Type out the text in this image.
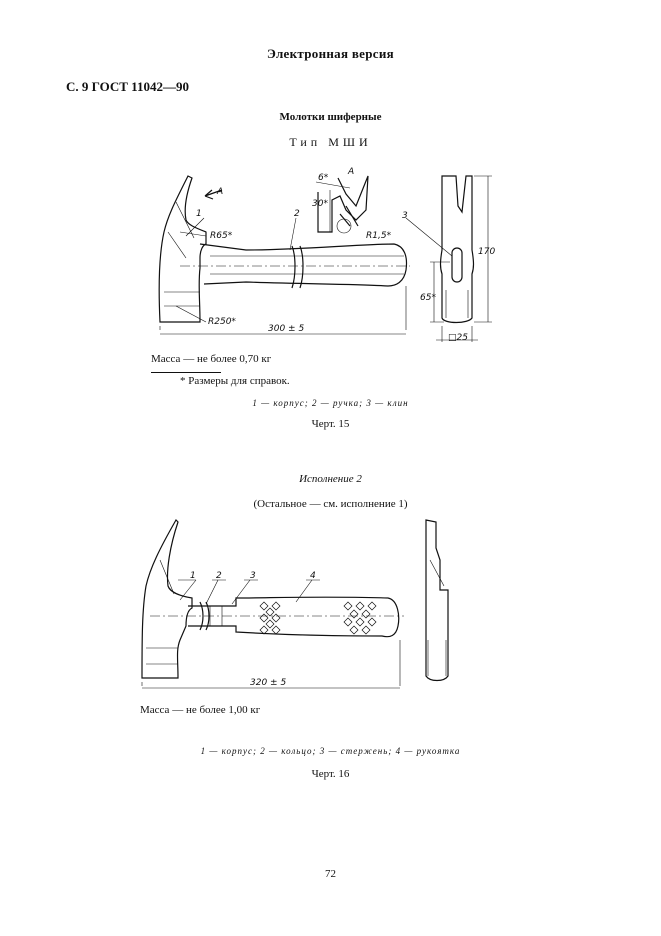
Электронная версия
С. 9 ГОСТ 11042—90
Молотки шиферные
Тип МШИ
А
1	2	3
R65*
R250*
R1,5*
6*
30*
А
300 ± 5
170
65*
□25
Масса — не более 0,70 кг
* Размеры для справок.
1 — корпус; 2 — ручка; 3 — клин
Черт. 15
Исполнение 2
(Остальное — см. исполнение 1)
1 2	3	4
320 ± 5
Масса — не более 1,00 кг
1 — корпус; 2 — кольцо; 3 — стержень; 4 — рукоятка
Черт. 16
72
